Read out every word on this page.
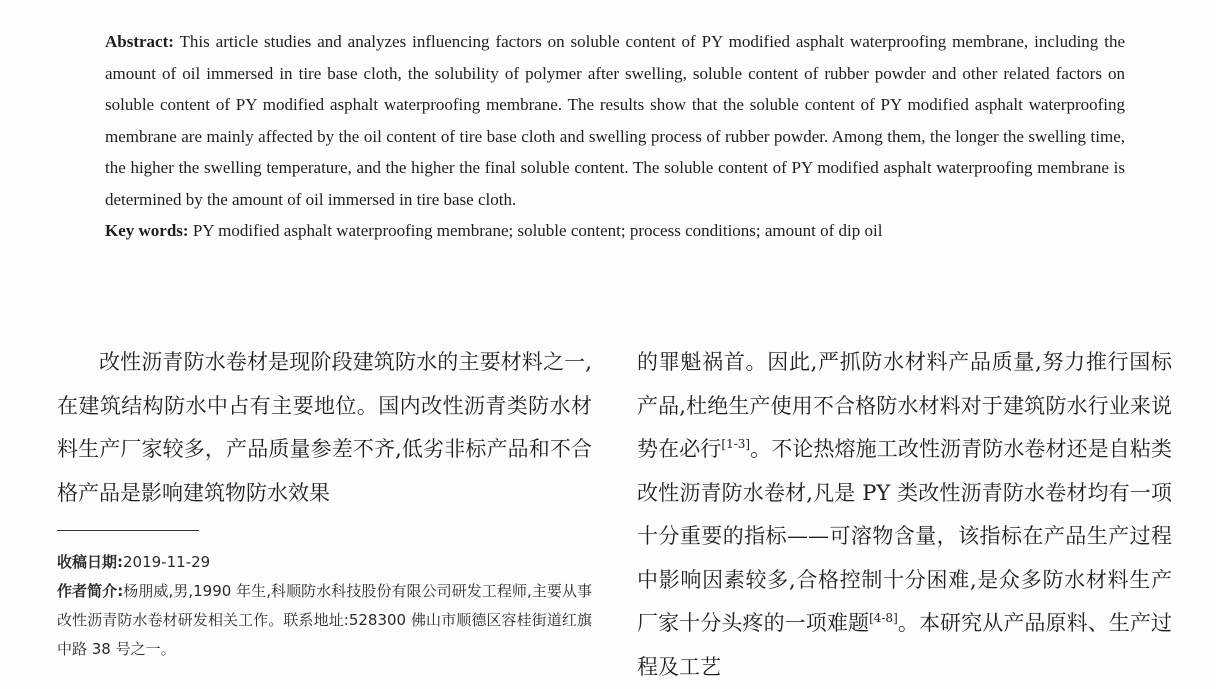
Abstract: This article studies and analyzes influencing factors on soluble content of PY modified asphalt waterproofing membrane, including the amount of oil immersed in tire base cloth, the solubility of polymer after swelling, soluble content of rubber powder and other related factors on soluble content of PY modified asphalt waterproofing membrane. The results show that the soluble content of PY modified asphalt waterproofing membrane are mainly affected by the oil content of tire base cloth and swelling process of rubber powder. Among them, the longer the swelling time, the higher the swelling temperature, and the higher the final soluble content. The soluble content of PY modified asphalt waterproofing membrane is determined by the amount of oil immersed in tire base cloth.

Key words: PY modified asphalt waterproofing membrane; soluble content; process conditions; amount of dip oil

改性沥青防水卷材是现阶段建筑防水的主要材料之一,在建筑结构防水中占有主要地位。国内改性沥青类防水材料生产厂家较多，产品质量参差不齐,低劣非标产品和不合格产品是影响建筑物防水效果

的罪魁祸首。因此,严抓防水材料产品质量,努力推行国标产品,杜绝生产使用不合格防水材料对于建筑防水行业来说势在必行[1-3]。不论热熔施工改性沥青防水卷材还是自粘类改性沥青防水卷材,凡是 PY 类改性沥青防水卷材均有一项十分重要的指标——可溶物含量，该指标在产品生产过程中影响因素较多,合格控制十分困难,是众多防水材料生产厂家十分头疼的一项难题[4-8]。本研究从产品原料、生产过程及工艺

收稿日期:2019-11-29

作者简介:杨朋威,男,1990 年生,科顺防水科技股份有限公司研发工程师,主要从事改性沥青防水卷材研发相关工作。联系地址:528300 佛山市顺德区容桂街道红旗中路 38 号之一。
